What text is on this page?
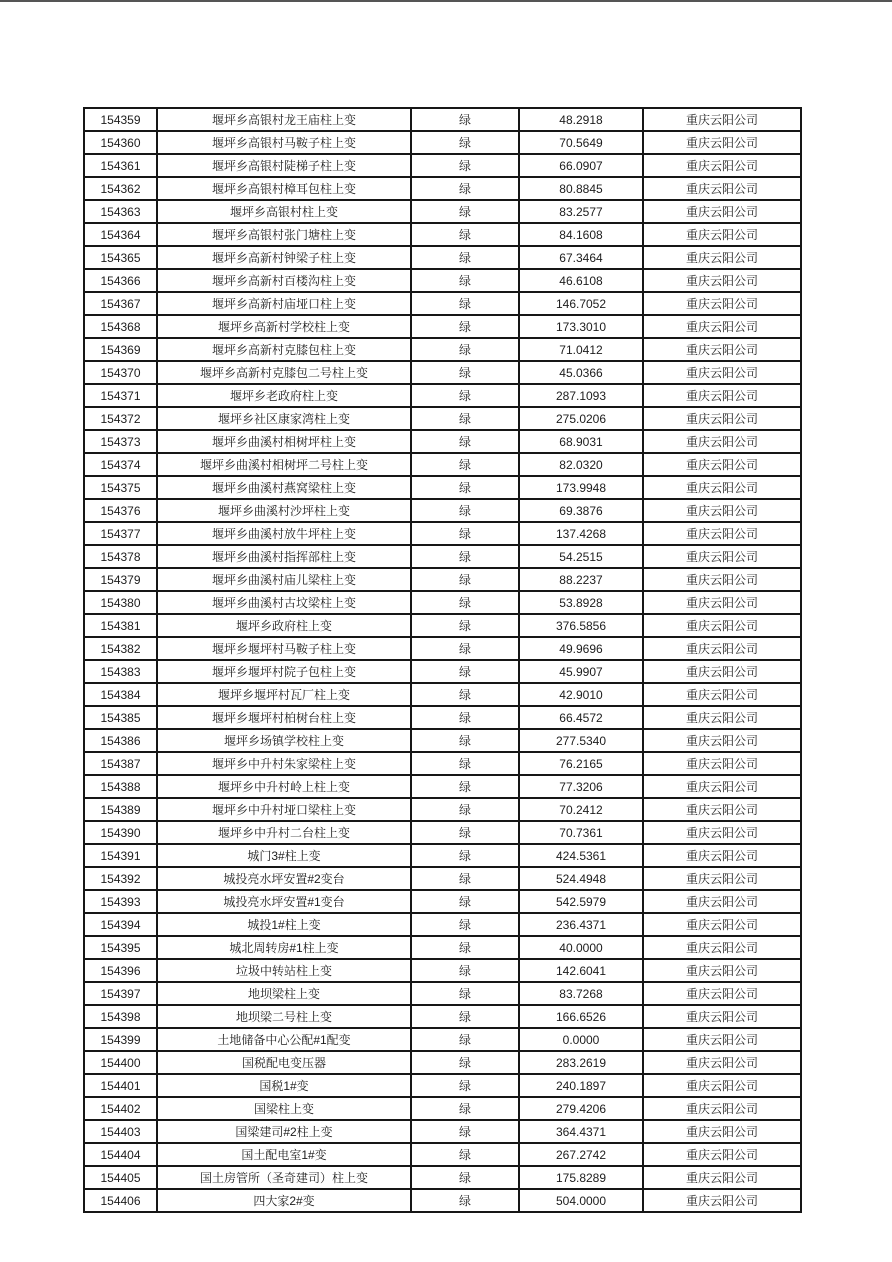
154359	堰坪乡高银村龙王庙柱上变	绿	48.2918	重庆云阳公司
154360	堰坪乡高银村马鞍子柱上变	绿	70.5649	重庆云阳公司
154361	堰坪乡高银村陡梯子柱上变	绿	66.0907	重庆云阳公司
154362	堰坪乡高银村樟耳包柱上变	绿	80.8845	重庆云阳公司
154363	堰坪乡高银村柱上变	绿	83.2577	重庆云阳公司
154364	堰坪乡高银村张门塘柱上变	绿	84.1608	重庆云阳公司
154365	堰坪乡高新村钟梁子柱上变	绿	67.3464	重庆云阳公司
154366	堰坪乡高新村百楼沟柱上变	绿	46.6108	重庆云阳公司
154367	堰坪乡高新村庙垭口柱上变	绿	146.7052	重庆云阳公司
154368	堰坪乡高新村学校柱上变	绿	173.3010	重庆云阳公司
154369	堰坪乡高新村克膝包柱上变	绿	71.0412	重庆云阳公司
154370	堰坪乡高新村克膝包二号柱上变	绿	45.0366	重庆云阳公司
154371	堰坪乡老政府柱上变	绿	287.1093	重庆云阳公司
154372	堰坪乡社区康家湾柱上变	绿	275.0206	重庆云阳公司
154373	堰坪乡曲溪村相树坪柱上变	绿	68.9031	重庆云阳公司
154374	堰坪乡曲溪村相树坪二号柱上变	绿	82.0320	重庆云阳公司
154375	堰坪乡曲溪村燕窝梁柱上变	绿	173.9948	重庆云阳公司
154376	堰坪乡曲溪村沙坪柱上变	绿	69.3876	重庆云阳公司
154377	堰坪乡曲溪村放牛坪柱上变	绿	137.4268	重庆云阳公司
154378	堰坪乡曲溪村指挥部柱上变	绿	54.2515	重庆云阳公司
154379	堰坪乡曲溪村庙儿梁柱上变	绿	88.2237	重庆云阳公司
154380	堰坪乡曲溪村古坟梁柱上变	绿	53.8928	重庆云阳公司
154381	堰坪乡政府柱上变	绿	376.5856	重庆云阳公司
154382	堰坪乡堰坪村马鞍子柱上变	绿	49.9696	重庆云阳公司
154383	堰坪乡堰坪村院子包柱上变	绿	45.9907	重庆云阳公司
154384	堰坪乡堰坪村瓦厂柱上变	绿	42.9010	重庆云阳公司
154385	堰坪乡堰坪村柏树台柱上变	绿	66.4572	重庆云阳公司
154386	堰坪乡场镇学校柱上变	绿	277.5340	重庆云阳公司
154387	堰坪乡中升村朱家梁柱上变	绿	76.2165	重庆云阳公司
154388	堰坪乡中升村岭上柱上变	绿	77.3206	重庆云阳公司
154389	堰坪乡中升村垭口梁柱上变	绿	70.2412	重庆云阳公司
154390	堰坪乡中升村二台柱上变	绿	70.7361	重庆云阳公司
154391	城门3#柱上变	绿	424.5361	重庆云阳公司
154392	城投亮水坪安置#2变台	绿	524.4948	重庆云阳公司
154393	城投亮水坪安置#1变台	绿	542.5979	重庆云阳公司
154394	城投1#柱上变	绿	236.4371	重庆云阳公司
154395	城北周转房#1柱上变	绿	40.0000	重庆云阳公司
154396	垃圾中转站柱上变	绿	142.6041	重庆云阳公司
154397	地坝梁柱上变	绿	83.7268	重庆云阳公司
154398	地坝梁二号柱上变	绿	166.6526	重庆云阳公司
154399	土地储备中心公配#1配变	绿	0.0000	重庆云阳公司
154400	国税配电变压器	绿	283.2619	重庆云阳公司
154401	国税1#变	绿	240.1897	重庆云阳公司
154402	国梁柱上变	绿	279.4206	重庆云阳公司
154403	国梁建司#2柱上变	绿	364.4371	重庆云阳公司
154404	国土配电室1#变	绿	267.2742	重庆云阳公司
154405	国土房管所（圣奇建司）柱上变	绿	175.8289	重庆云阳公司
154406	四大家2#变	绿	504.0000	重庆云阳公司
